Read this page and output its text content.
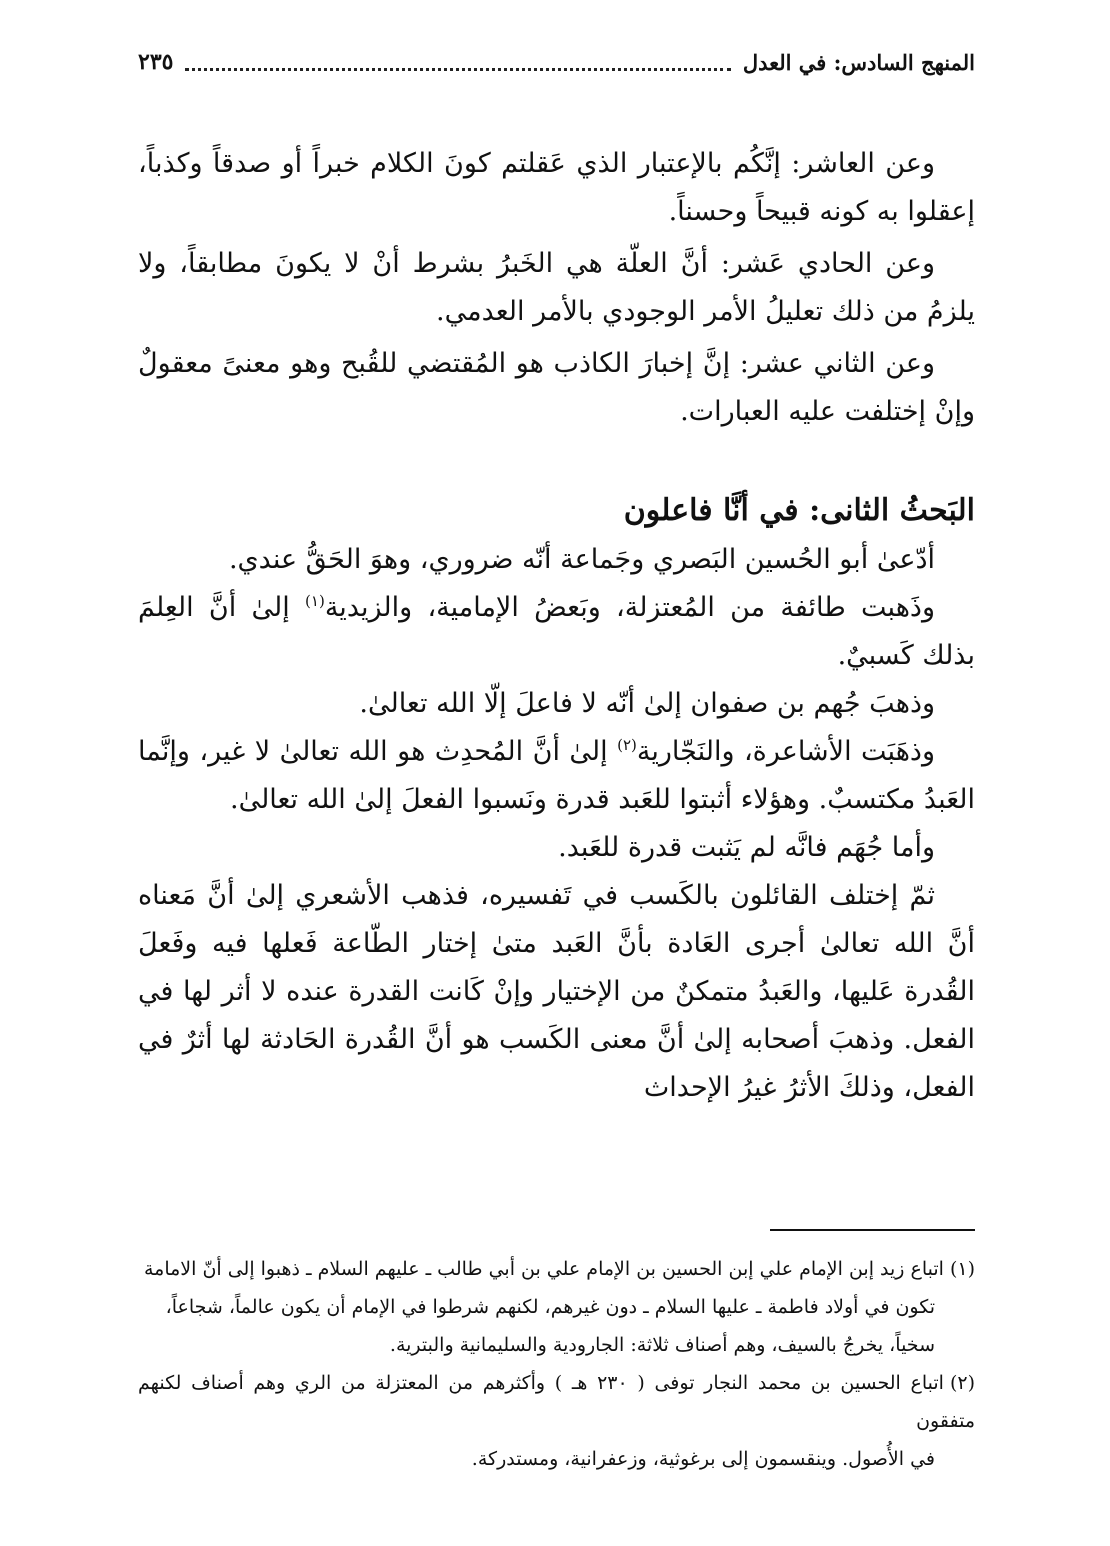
المنهج السادس: في العدل
٢٣٥

وعن العاشر: إنَّكُم بالإعتبار الذي عَقلتم كونَ الكلام خبراً أو صدقاً وكذباً، إعقلوا به كونه قبيحاً وحسناً.

وعن الحادي عَشر: أنَّ العلّة هي الخَبرُ بشرط أنْ لا يكونَ مطابقاً، ولا يلزمُ من ذلك تعليلُ الأمر الوجودي بالأمر العدمي.

وعن الثاني عشر: إنَّ إخبارَ الكاذب هو المُقتضي للقُبح وهو معنىً معقولٌ وإنْ إختلفت عليه العبارات.

البَحثُ الثانى: في أنَّا فاعلون

أدّعىٰ أبو الحُسين البَصري وجَماعة أنّه ضروري، وهوَ الحَقُّ عندي.

وذَهبت طائفة من المُعتزلة، وبَعضُ الإمامية، والزيدية$^{(١)}$ إلىٰ أنَّ العِلمَ بذلك كَسبيٌ.

وذهبَ جُهم بن صفوان إلىٰ أنّه لا فاعلَ إلّا الله تعالىٰ.

وذهَبَت الأشاعرة، والنَجّارية$^{(٢)}$ إلىٰ أنَّ المُحدِث هو الله تعالىٰ لا غير، وإنَّما العَبدُ مكتسبٌ. وهؤلاء أثبتوا للعَبد قدرة ونَسبوا الفعلَ إلىٰ الله تعالىٰ.

وأما جُهَم فانَّه لم يَثبت قدرة للعَبد.

ثمّ إختلف القائلون بالكَسب في تَفسيره، فذهب الأشعري إلىٰ أنَّ مَعناه أنَّ الله تعالىٰ أجرى العَادة بأنَّ العَبد متىٰ إختار الطّاعة فَعلها فيه وفَعلَ القُدرة عَليها، والعَبدُ متمكنٌ من الإختيار وإنْ كَانت القدرة عنده لا أثر لها في الفعل. وذهبَ أصحابه إلىٰ أنَّ معنى الكَسب هو أنَّ القُدرة الحَادثة لها أثرٌ في الفعل، وذلكَ الأثرُ غيرُ الإحداث

(١)اتباع زيد إبن الإمام علي إبن الحسين بن الإمام علي بن أبي طالب ـ عليهم السلام ـ ذهبوا إلى أنّ الامامة

تكون في أولاد فاطمة ـ عليها السلام ـ دون غيرهم، لكنهم شرطوا في الإمام أن يكون عالماً، شجاعاً،

سخياً، يخرجُ بالسيف، وهم أصناف ثلاثة: الجارودية والسليمانية والبترية.

(٢)اتباع الحسين بن محمد النجار توفى ( ٢٣٠ هـ ) وأكثرهم من المعتزلة من الري وهم أصناف لكنهم متفقون

في الأُصول. وينقسمون إلى برغوثية، وزعفرانية، ومستدركة.
